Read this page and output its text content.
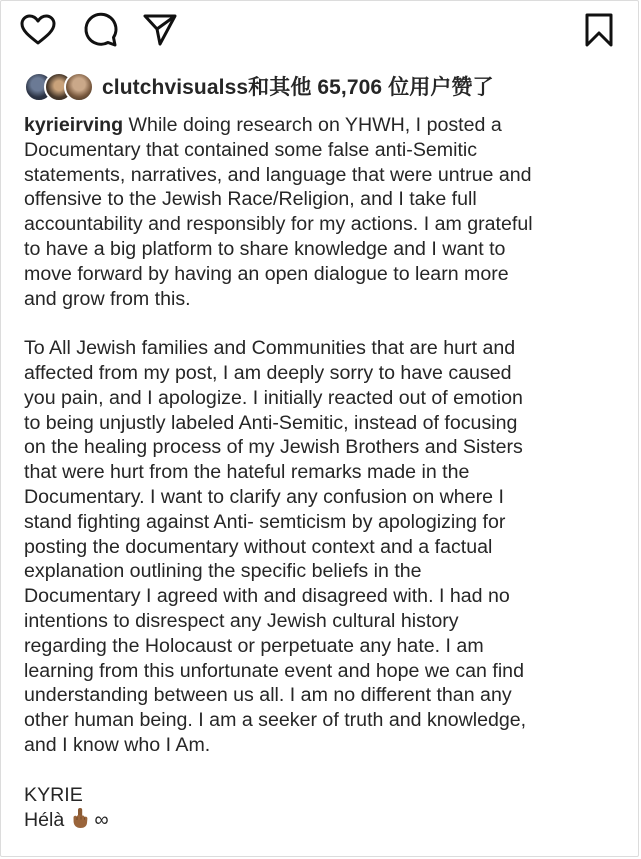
clutchvisualss和其他 65,706 位用户赞了

kyrieirving While doing research on YHWH, I posted a

Documentary that contained some false anti-Semitic

statements, narratives, and language that were untrue and

offensive to the Jewish Race/Religion, and I take full

accountability and responsibly for my actions. I am grateful

to have a big platform to share knowledge and I want to

move forward by having an open dialogue to learn more

and grow from this.

To All Jewish families and Communities that are hurt and

affected from my post, I am deeply sorry to have caused

you pain, and I apologize. I initially reacted out of emotion

to being unjustly labeled Anti-Semitic, instead of focusing

on the healing process of my Jewish Brothers and Sisters

that were hurt from the hateful remarks made in the

Documentary. I want to clarify any confusion on where I

stand fighting against Anti- semticism by apologizing for

posting the documentary without context and a factual

explanation outlining the specific beliefs in the

Documentary I agreed with and disagreed with. I had no

intentions to disrespect any Jewish cultural history

regarding the Holocaust or perpetuate any hate. I am

learning from this unfortunate event and hope we can find

understanding between us all. I am no different than any

other human being. I am a seeker of truth and knowledge,

and I know who I Am.

KYRIE

Hélà ∞
